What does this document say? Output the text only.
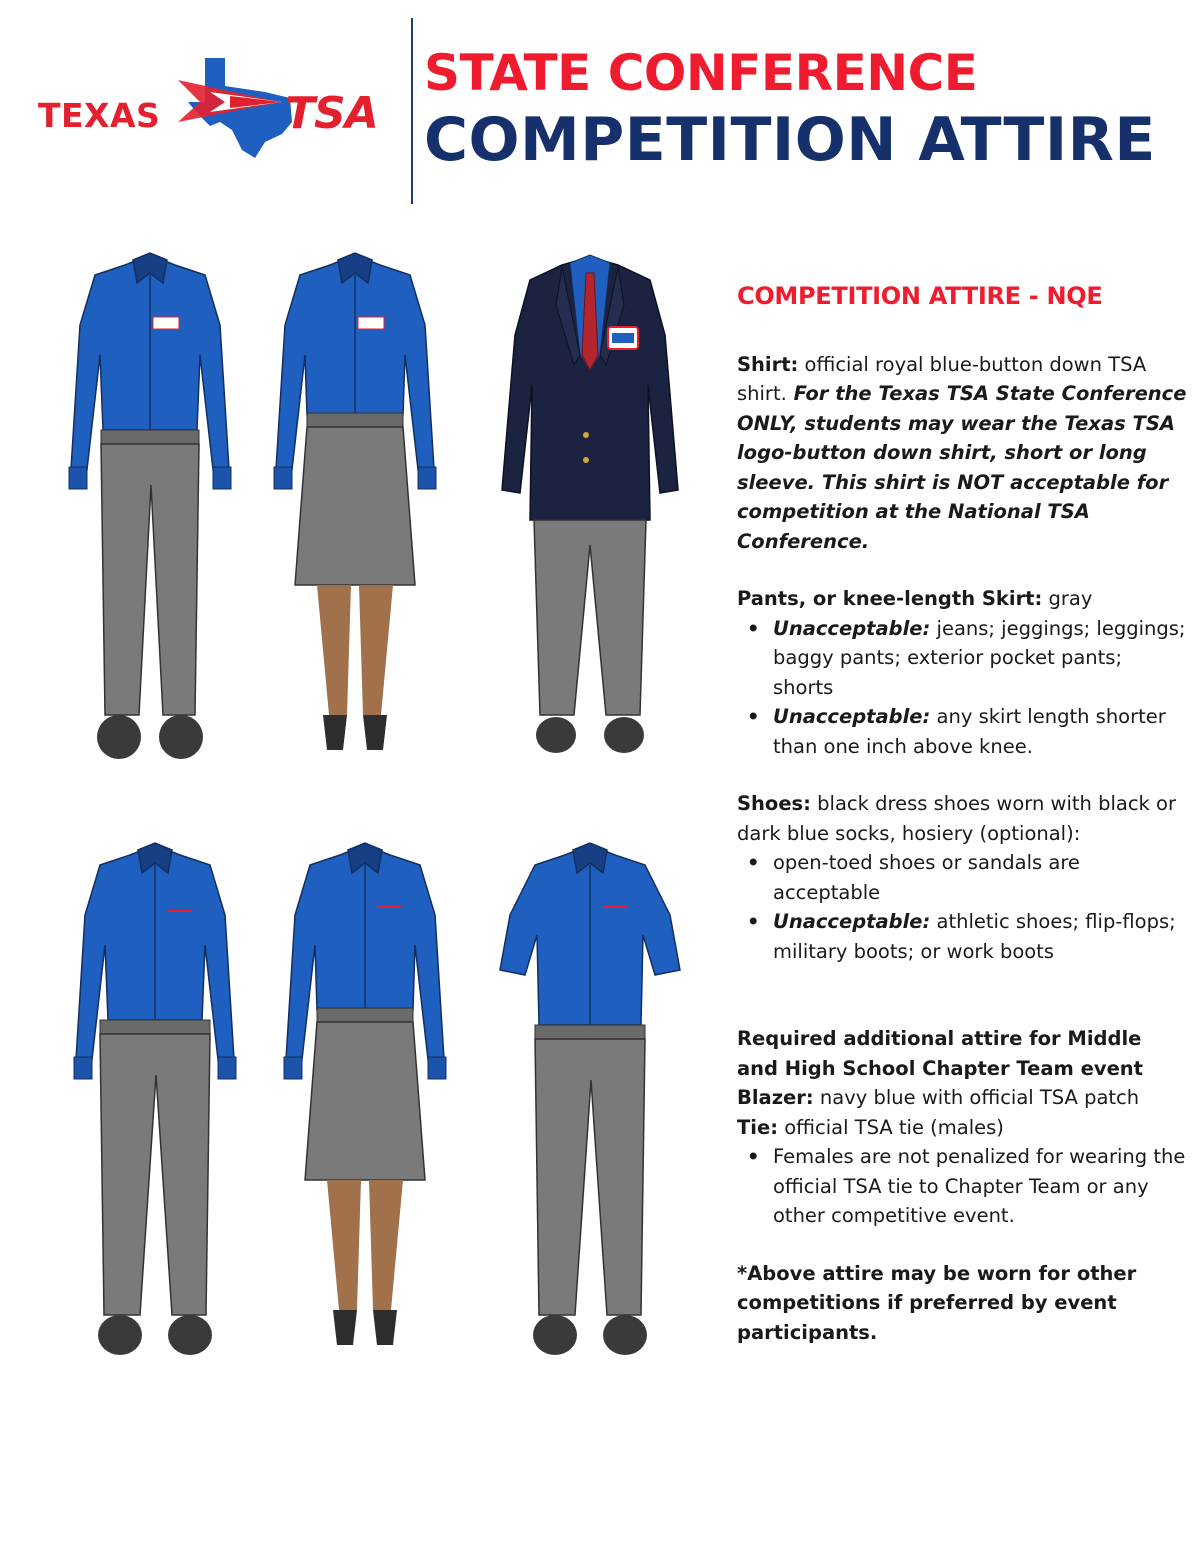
TEXAS	TSA
STATE CONFERENCE
COMPETITION ATTIRE
COMPETITION ATTIRE - NQE

Shirt: official royal blue-button down TSA shirt. For the Texas TSA State Conference ONLY, students may wear the Texas TSA logo-button down shirt, short or long sleeve. This shirt is NOT acceptable for competition at the National TSA Conference.

Pants, or knee-length Skirt: gray

• Unacceptable: jeans; jeggings; leggings; baggy pants; exterior pocket pants; shorts
• Unacceptable: any skirt length shorter than one inch above knee.

Shoes: black dress shoes worn with black or dark blue socks, hosiery (optional):

• open-toed shoes or sandals are acceptable
• Unacceptable: athletic shoes; flip-flops; military boots; or work boots

Required additional attire for Middle and High School Chapter Team event

Blazer: navy blue with official TSA patch

Tie: official TSA tie (males)

• Females are not penalized for wearing the official TSA tie to Chapter Team or any other competitive event.

*Above attire may be worn for other competitions if preferred by event participants.
